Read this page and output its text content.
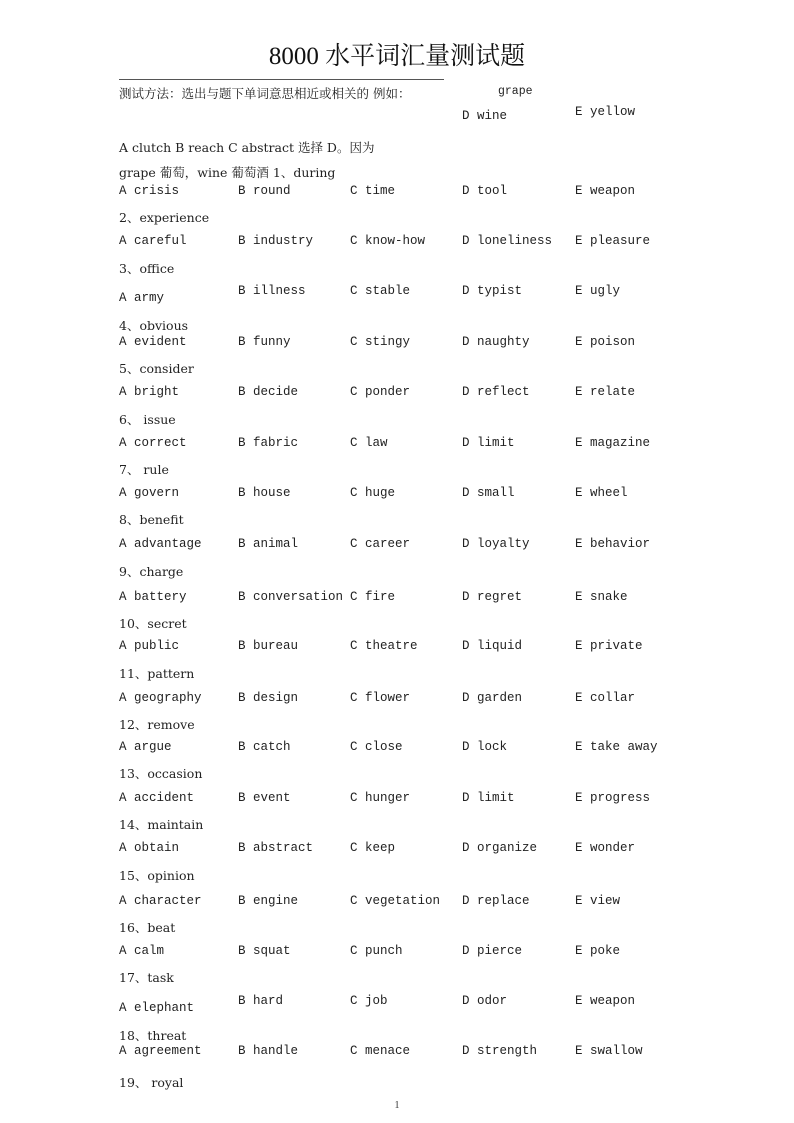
8000 水平词汇量测试题
测试方法：选出与题下单词意思相近或相关的 例如：	grape
D wine	E yellow
A clutch B reach C abstract 选择 D。因为
grape 葡萄，wine 葡萄酒 1、during
A crisis	B round	C time	D tool	E weapon
2、experience
A careful	B industry	C know-how	D loneliness E pleasure
3、office
A army	B illness	C stable	D typist	E ugly
4、obvious
A evident	B funny	C stingy	D naughty	E poison
5、consider
A bright	B decide	C ponder	D reflect	E relate
6、 issue
A correct	B fabric	C law	D limit	E magazine
7、 rule
A govern	B house	C huge	D small	E wheel
8、benefit
A advantage	B animal	C career	D loyalty	E behavior
9、charge
A battery	B conversation C fire	D regret	E snake
10、secret
A public	B bureau	C theatre	D liquid	E private
11、pattern
A geography	B design	C flower	D garden	E collar
12、remove
A argue	B catch	C close	D lock	E take away
13、occasion
A accident	B event	C hunger	D limit	E progress
14、maintain
A obtain	B abstract	C keep	D organize	E wonder
15、opinion
A character	B engine	C vegetation D replace	E view
16、beat
A calm	B squat	C punch	D pierce	E poke
17、task
A elephant	B hard	C job	D odor	E weapon
18、threat
A agreement	B handle	C menace	D strength	E swallow
19、 royal
1
